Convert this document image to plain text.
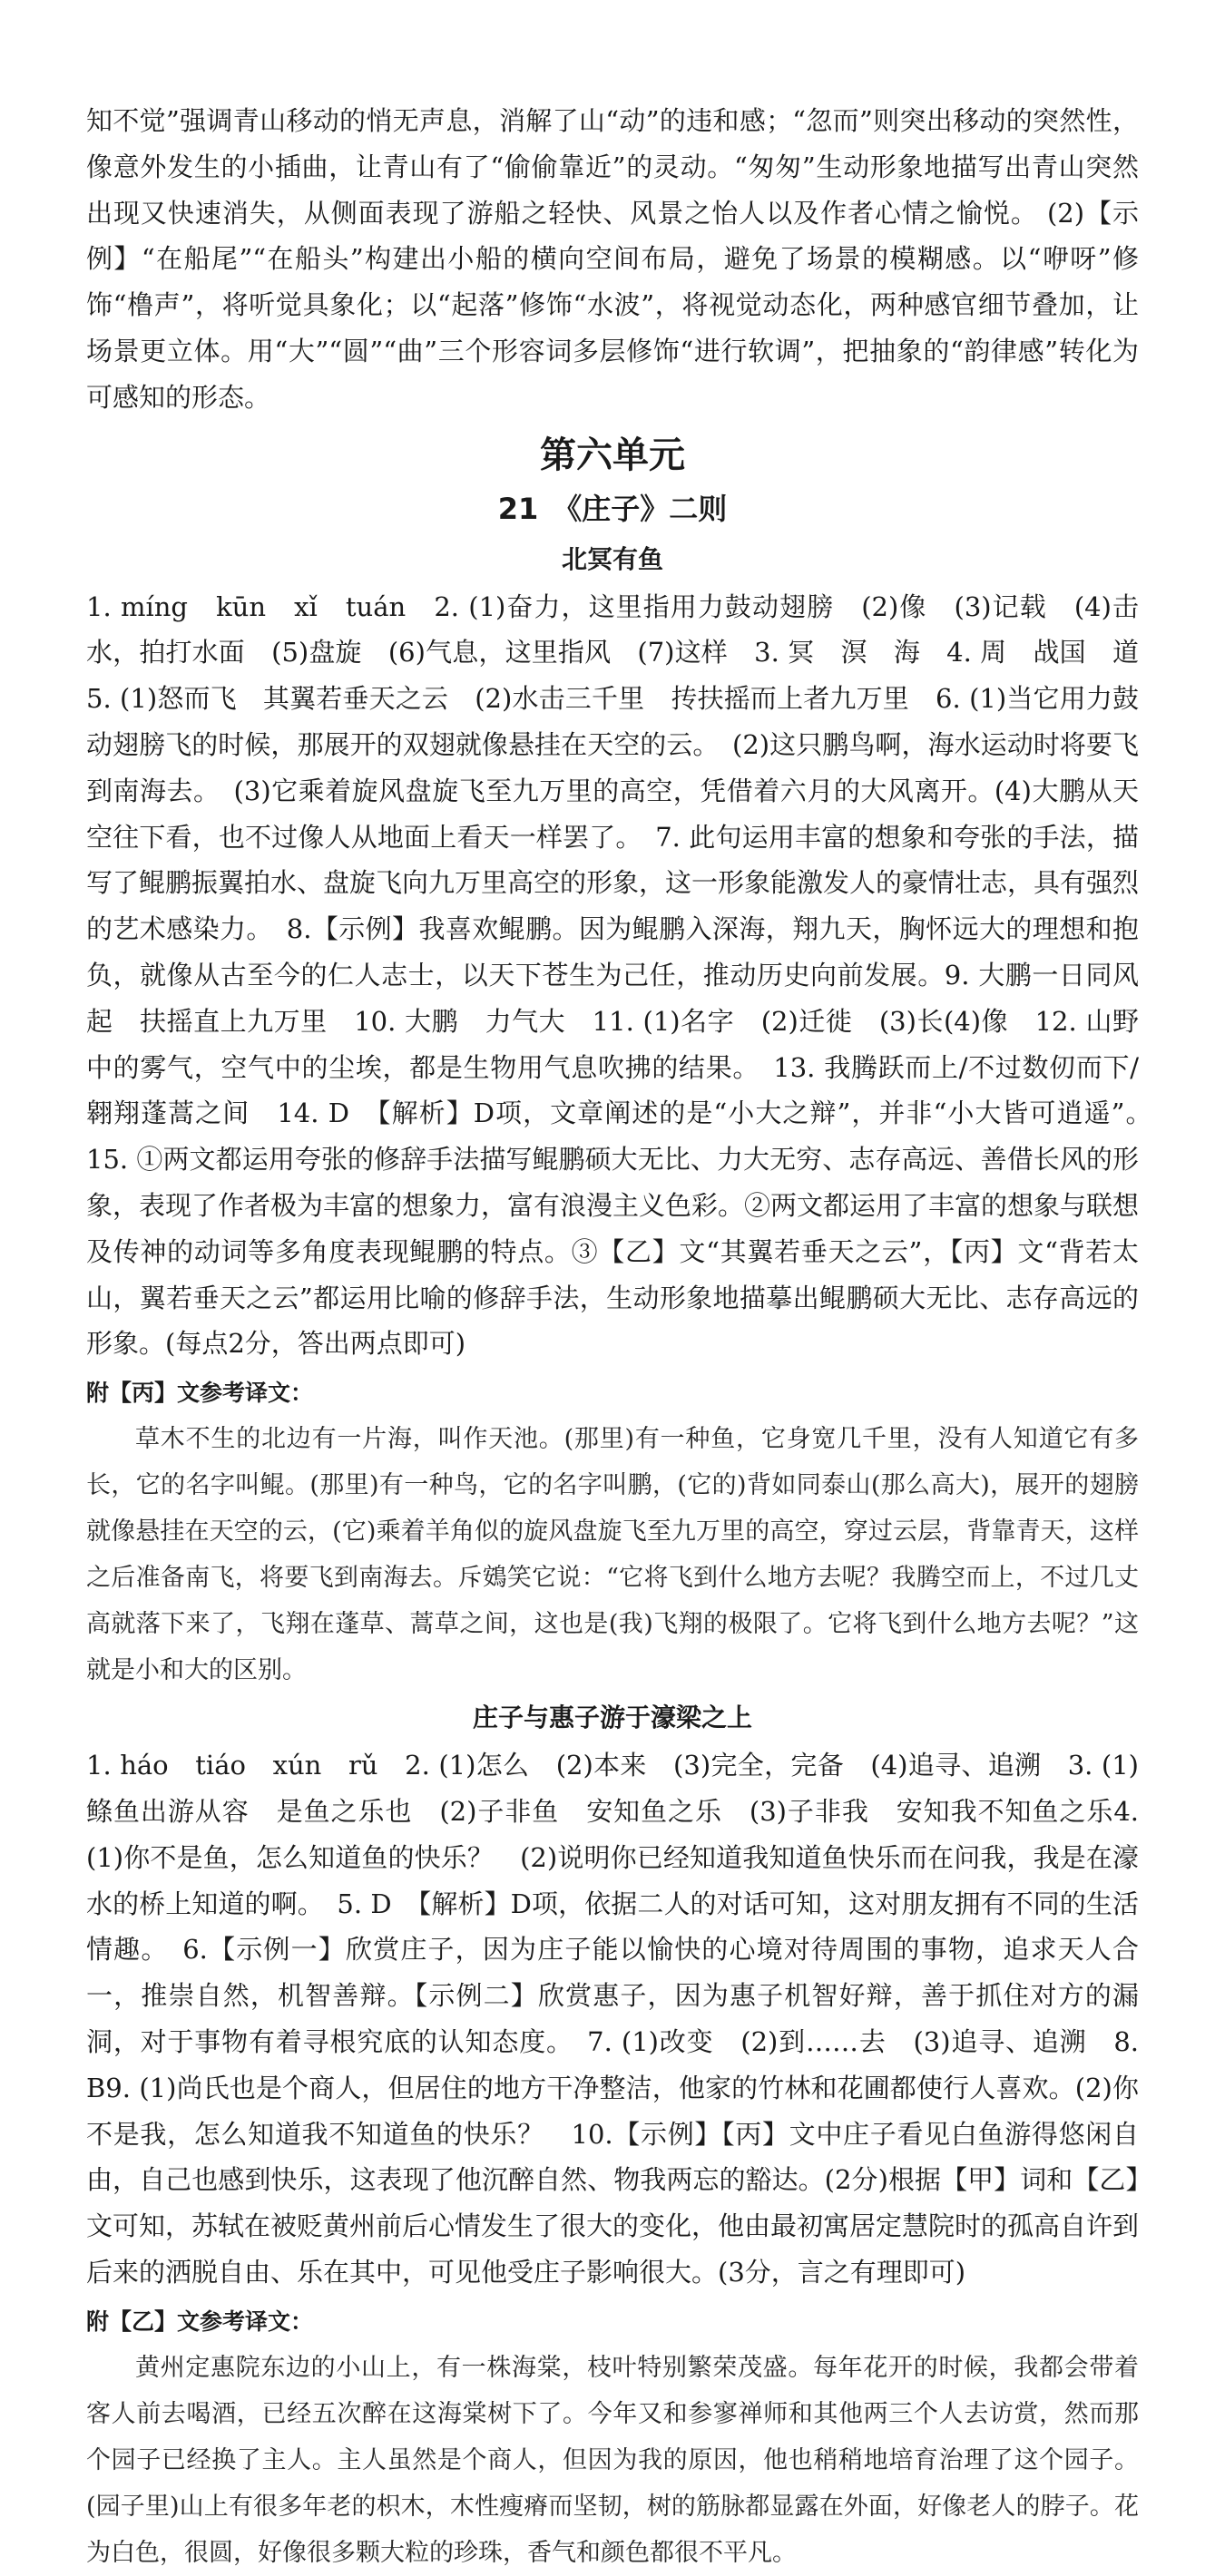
知不觉”强调青山移动的悄无声息，消解了山“动”的违和感；“忽而”则突出移动的突然性，像意外发生的小插曲，让青山有了“偷偷靠近”的灵动。“匆匆”生动形象地描写出青山突然出现又快速消失，从侧面表现了游船之轻快、风景之怡人以及作者心情之愉悦。 (2)【示例】“在船尾”“在船头”构建出小船的横向空间布局，避免了场景的模糊感。以“咿呀”修饰“橹声”，将听觉具象化；以“起落”修饰“水波”，将视觉动态化，两种感官细节叠加，让场景更立体。用“大”“圆”“曲”三个形容词多层修饰“进行软调”，把抽象的“韵律感”转化为可感知的形态。

第六单元
21　《庄子》二则
北冥有鱼

1. míng　kūn　xǐ　tuán　2. (1)奋力，这里指用力鼓动翅膀　(2)像　(3)记载　(4)击水，拍打水面　(5)盘旋　(6)气息，这里指风　(7)这样　3. 冥　溟　海　4. 周　战国　道　5. (1)怒而飞　其翼若垂天之云　(2)水击三千里　抟扶摇而上者九万里　6. (1)当它用力鼓动翅膀飞的时候，那展开的双翅就像悬挂在天空的云。　(2)这只鹏鸟啊，海水运动时将要飞到南海去。　(3)它乘着旋风盘旋飞至九万里的高空，凭借着六月的大风离开。(4)大鹏从天空往下看，也不过像人从地面上看天一样罢了。　7. 此句运用丰富的想象和夸张的手法，描写了鲲鹏振翼拍水、盘旋飞向九万里高空的形象，这一形象能激发人的豪情壮志，具有强烈的艺术感染力。　8.【示例】我喜欢鲲鹏。因为鲲鹏入深海，翔九天，胸怀远大的理想和抱负，就像从古至今的仁人志士，以天下苍生为己任，推动历史向前发展。9. 大鹏一日同风起　扶摇直上九万里　10. 大鹏　力气大　11. (1)名字　(2)迁徙　(3)长(4)像　12. 山野中的雾气，空气中的尘埃，都是生物用气息吹拂的结果。　13. 我腾跃而上/不过数仞而下/翱翔蓬蒿之间　14. D　【解析】D项，文章阐述的是“小大之辩”，并非“小大皆可逍遥”。　15. ①两文都运用夸张的修辞手法描写鲲鹏硕大无比、力大无穷、志存高远、善借长风的形象，表现了作者极为丰富的想象力，富有浪漫主义色彩。②两文都运用了丰富的想象与联想及传神的动词等多角度表现鲲鹏的特点。③【乙】文“其翼若垂天之云”，【丙】文“背若太山，翼若垂天之云”都运用比喻的修辞手法，生动形象地描摹出鲲鹏硕大无比、志存高远的形象。(每点2分，答出两点即可)

附【丙】文参考译文：

草木不生的北边有一片海，叫作天池。(那里)有一种鱼，它身宽几千里，没有人知道它有多长，它的名字叫鲲。(那里)有一种鸟，它的名字叫鹏，(它的)背如同泰山(那么高大)，展开的翅膀就像悬挂在天空的云，(它)乘着羊角似的旋风盘旋飞至九万里的高空，穿过云层，背靠青天，这样之后准备南飞，将要飞到南海去。斥鴳笑它说：“它将飞到什么地方去呢？我腾空而上，不过几丈高就落下来了，飞翔在蓬草、蒿草之间，这也是(我)飞翔的极限了。它将飞到什么地方去呢？”这就是小和大的区别。

庄子与惠子游于濠梁之上

1. háo　tiáo　xún　rǔ　2. (1)怎么　(2)本来　(3)完全，完备　(4)追寻、追溯　3. (1)鲦鱼出游从容　是鱼之乐也　(2)子非鱼　安知鱼之乐　(3)子非我　安知我不知鱼之乐4. (1)你不是鱼，怎么知道鱼的快乐？　(2)说明你已经知道我知道鱼快乐而在问我，我是在濠水的桥上知道的啊。　5. D　【解析】D项，依据二人的对话可知，这对朋友拥有不同的生活情趣。　6.【示例一】欣赏庄子，因为庄子能以愉快的心境对待周围的事物，追求天人合一，推崇自然，机智善辩。【示例二】欣赏惠子，因为惠子机智好辩，善于抓住对方的漏洞，对于事物有着寻根究底的认知态度。　7. (1)改变　(2)到……去　(3)追寻、追溯　8. B9. (1)尚氏也是个商人，但居住的地方干净整洁，他家的竹林和花圃都使行人喜欢。(2)你不是我，怎么知道我不知道鱼的快乐？　10.【示例】【丙】文中庄子看见白鱼游得悠闲自由，自己也感到快乐，这表现了他沉醉自然、物我两忘的豁达。(2分)根据【甲】词和【乙】文可知，苏轼在被贬黄州前后心情发生了很大的变化，他由最初寓居定慧院时的孤高自许到后来的洒脱自由、乐在其中，可见他受庄子影响很大。(3分，言之有理即可)

附【乙】文参考译文：

黄州定惠院东边的小山上，有一株海棠，枝叶特别繁荣茂盛。每年花开的时候，我都会带着客人前去喝酒，已经五次醉在这海棠树下了。今年又和参寥禅师和其他两三个人去访赏，然而那个园子已经换了主人。主人虽然是个商人，但因为我的原因，他也稍稍地培育治理了这个园子。(园子里)山上有很多年老的枳木，木性瘦瘠而坚韧，树的筋脉都显露在外面，好像老人的脖子。花为白色，很圆，好像很多颗大粒的珍珠，香气和颜色都很不平凡。
